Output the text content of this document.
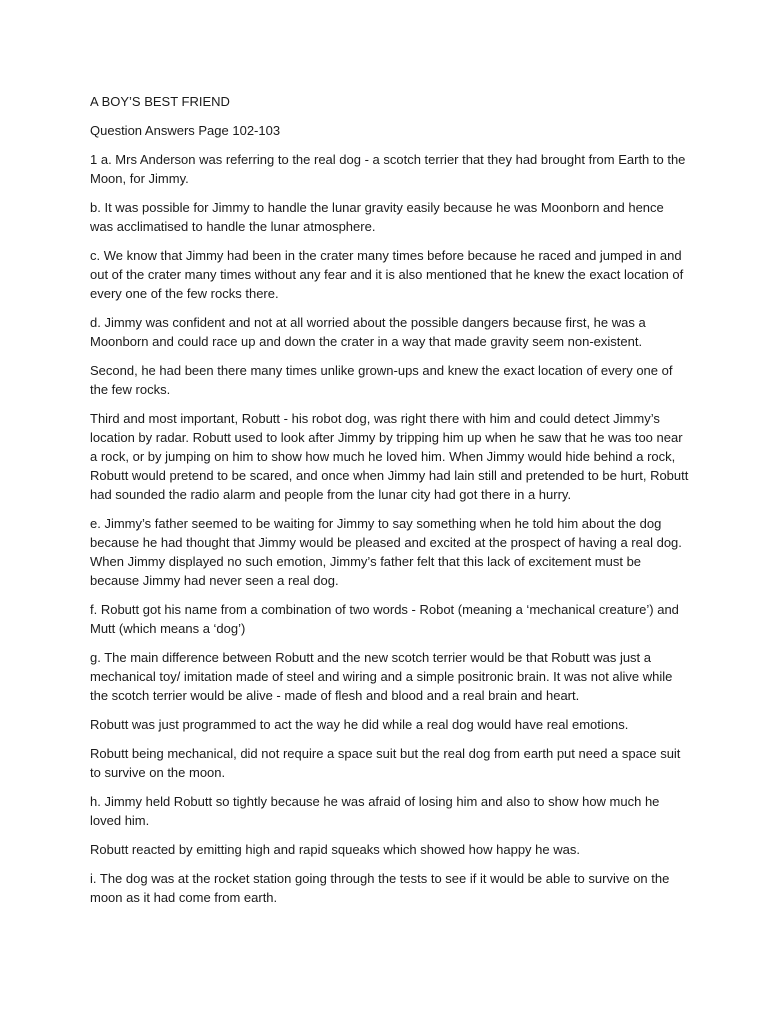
A BOY’S BEST FRIEND

Question Answers Page 102-103

1 a. Mrs Anderson was referring to the real dog - a scotch terrier that they had brought from Earth to the Moon, for Jimmy.

b. It was possible for Jimmy to handle the lunar gravity easily because he was Moonborn and hence was acclimatised to handle the lunar atmosphere.

c. We know that Jimmy had been in the crater many times before because he raced and jumped in and out of the crater many times without any fear and it is also mentioned that he knew the exact location of every one of the few rocks there.

d. Jimmy was confident and not at all worried about the possible dangers because first, he was a Moonborn and could race up and down the crater in a way that made gravity seem non-existent.

Second, he had been there many times unlike grown-ups and knew the exact location of every one of the few rocks.

Third and most important, Robutt - his robot dog, was right there with him and could detect Jimmy’s location by radar. Robutt used to look after Jimmy by tripping him up when he saw that he was too near a rock, or by jumping on him to show how much he loved him. When Jimmy would hide behind a rock, Robutt would pretend to be scared, and once when Jimmy had lain still and pretended to be hurt, Robutt had sounded the radio alarm and people from the lunar city had got there in a hurry.

e. Jimmy’s father seemed to be waiting for Jimmy to say something when he told him about the dog because he had thought that Jimmy would be pleased and excited at the prospect of having a real dog. When Jimmy displayed no such emotion, Jimmy’s father felt that this lack of excitement must be because Jimmy had never seen a real dog.

f. Robutt got his name from a combination of two words - Robot (meaning a ‘mechanical creature’) and Mutt (which means a ‘dog’)

g. The main difference between Robutt and the new scotch terrier would be that Robutt was just a mechanical toy/ imitation made of steel and wiring and a simple positronic brain. It was not alive while the scotch terrier would be alive - made of flesh and blood and a real brain and heart.

Robutt was just programmed to act the way he did while a real dog would have real emotions.

Robutt being mechanical, did not require a space suit but the real dog from earth put need a space suit to survive on the moon.

h. Jimmy held Robutt so tightly because he was afraid of losing him and also to show how much he loved him.

Robutt reacted by emitting high and rapid squeaks which showed how happy he was.

i. The dog was at the rocket station going through the tests to see if it would be able to survive on the moon as it had come from earth.
